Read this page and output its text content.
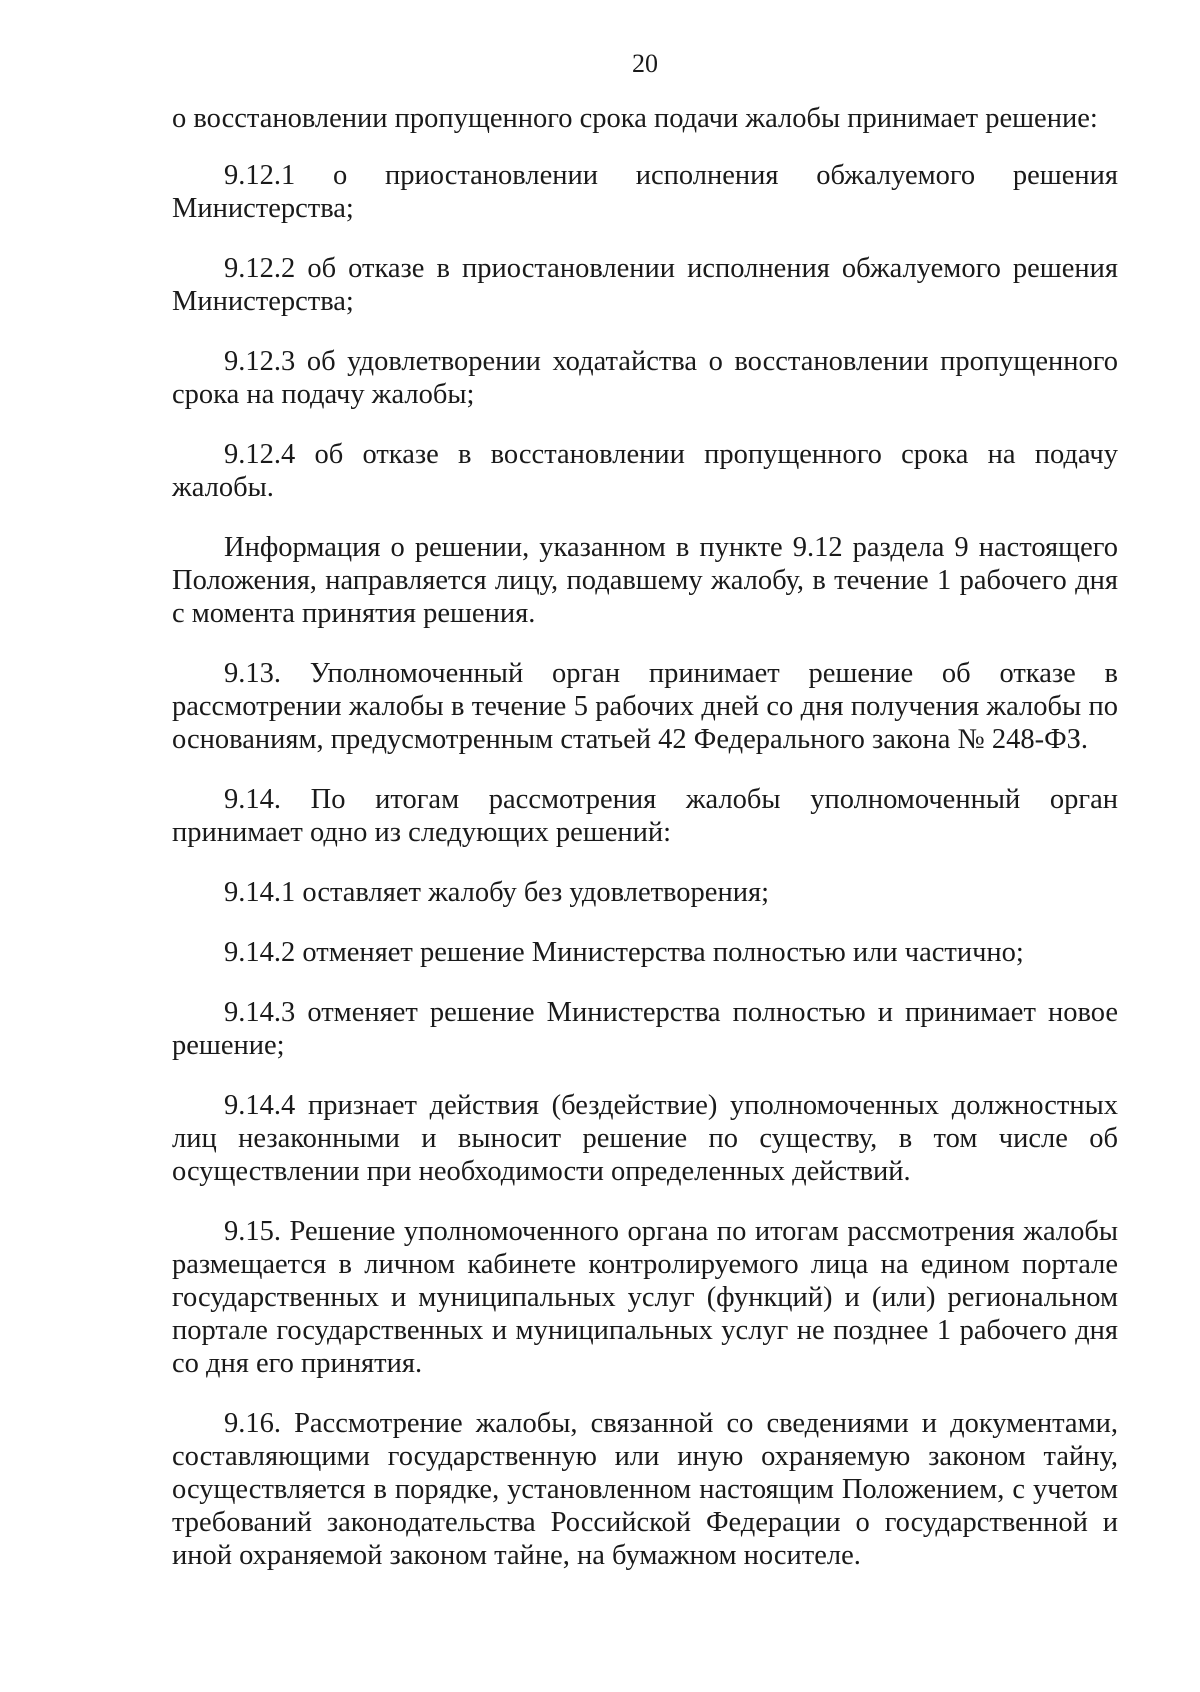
20

о восстановлении пропущенного срока подачи жалобы принимает решение:

9.12.1 о приостановлении исполнения обжалуемого решения Министерства;

9.12.2 об отказе в приостановлении исполнения обжалуемого решения Министерства;

9.12.3 об удовлетворении ходатайства о восстановлении пропущенного срока на подачу жалобы;

9.12.4 об отказе в восстановлении пропущенного срока на подачу жалобы.

Информация о решении, указанном в пункте 9.12 раздела 9 настоящего Положения, направляется лицу, подавшему жалобу, в течение 1 рабочего дня с момента принятия решения.

9.13. Уполномоченный орган принимает решение об отказе в рассмотрении жалобы в течение 5 рабочих дней со дня получения жалобы по основаниям, предусмотренным статьей 42 Федерального закона № 248-ФЗ.

9.14. По итогам рассмотрения жалобы уполномоченный орган принимает одно из следующих решений:

9.14.1 оставляет жалобу без удовлетворения;

9.14.2 отменяет решение Министерства полностью или частично;

9.14.3 отменяет решение Министерства полностью и принимает новое решение;

9.14.4 признает действия (бездействие) уполномоченных должностных лиц незаконными и выносит решение по существу, в том числе об осуществлении при необходимости определенных действий.

9.15. Решение уполномоченного органа по итогам рассмотрения жалобы размещается в личном кабинете контролируемого лица на едином портале государственных и муниципальных услуг (функций) и (или) региональном портале государственных и муниципальных услуг не позднее 1 рабочего дня со дня его принятия.

9.16. Рассмотрение жалобы, связанной со сведениями и документами, составляющими государственную или иную охраняемую законом тайну, осуществляется в порядке, установленном настоящим Положением, с учетом требований законодательства Российской Федерации о государственной и иной охраняемой законом тайне, на бумажном носителе.
